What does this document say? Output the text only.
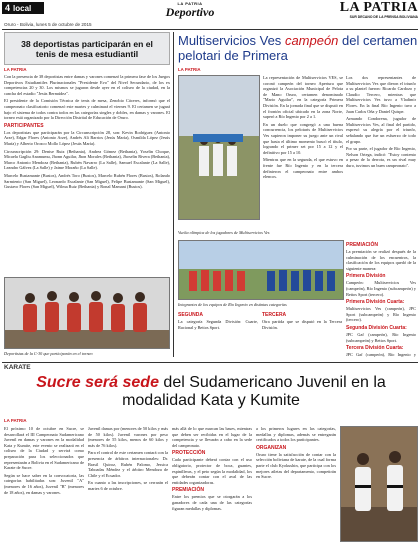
4 local	LA PATRIA
Deportivo	LA PATRIA
SUR DECANO DE LA PRENSA BOLIVIANA
Oruro - Bolivia, lunes 5 de octubre de 2015
38 deportistas participarán en el tenis de mesa estudiantil
LA PATRIA

Con la presencia de 38 deportistas entre damas y varones comenzó la primera fase de los Juegos Deportivos Estudiantiles Plurinacionales "Presidente Evo" del Nivel Secundario, de los ex competencias 20 y 30. Los mismos se jugaron desde ayer en el coliseo de la ciudad, en la cancha del estadio "Jesús Bermúdez".

El presidente de la Comisión Técnica de tenis de mesa, Zenobio Cáceres, informó que el campeonato clasificatorio comenzó este martes y culminará el viernes 9. El certamen se jugará bajo el sistema de todos contra todos en las categorías singles y dobles, en damas y varones. El torneo está organizado por la Dirección Distrital de Educación de Oruro.

PARTICIPANTES

Los deportistas que participarán por la Circunscripción 28, son: Kevin Rodríguez (Antonio Arze), Edgar Flores (Antonio Arze), Andrés Ali Barrios (Jesús María), Osmilda López (Jesús María) y Alberto Orozco Mollo López (Jesús María).

Circunscripción 29: Denise Ruiz (Bethania), Andrea Gómez (Bethania), Yoselin Choque, Micaela Gagliu Anamumu, Jhonn Aguilar, Jhon Morales (Bethania), Jhoselin Rivera (Bethania), Marco Antonio Mendoza (Bethania), Rubén Navarro (La Salle), Samuel Escalante (La Salle), Leandro Gálvez (La Salle) y Jaime Moraño (La Salle).

Marcelo Bustamante (Bustos), Andrés Toro (Bustos), Marcelo Rubén Flores (Bustos), Rolando Sarmiento (San Miguel), Leonardo Escalante (San Miguel), Felipe Bustamante (San Miguel), Gustavo Flores (San Miguel), Wilma Ruiz (Bethania) y Ronal Mamani (Bustos).

Deportistas de la C-30 que participarán en el torneo
Multiservicios Ves campeón del certamen pelotari de Primera
LA PATRIA
Vuelta olímpica de los jugadores de Multiservicios Ves

La representación de Multiservicios VES, se coronó campeón del torneo Apertura que organizó la Asociación Municipal de Pelota de Mano Oruro, certamen denominado "Mario Aguilar", en la categoría Primera División. En la jornada final que se disputó en el frontón oficial ubicado en la zona Norte, superó a Río Ingenio por 2 a 1.

En un duelo que congregó a una buena concurrencia, los pelotaris de Multiservicios Ves supieron imponer su juego ante un rival que hasta el último momento buscó el título, logrando el primer set por 15 a 12 y el definitivo por 15 a 10.

Mientras que en la segunda, el que estuvo en frente fue Río Ingenio y en la tercera definieron el campeonato entre ambos elencos.

Los dos representantes de Multiservicios Ves que dieron el triunfo a su plantel fueron: Ricardo Cardozo y Claudio Tercero, mientras que Multiservicios Ves tuvo a Vladimir Flores. En la final Río Ingenio tuvo a Juan Carlos Oña y Daniel Quispe.

Armando Condorena, jugador de Multiservicios Ves, al final del partido, expresó su alegría por el triunfo, señalando que fue un esfuerzo de todo el grupo.

Por su parte, el jugador de Río Ingenio, Nelson Ortega, indicó: "Estoy contento a pesar de la derrota, es un rival muy duro, tuvimos un buen campeonato".

Integrantes de los equipos de Río Ingenio en distintas categorías
SEGUNDA

La categoría Segunda División: Cuarte, Racional y Bettos Sport.

TERCERA

Otra partida que se disputó en la Tercera División.

PREMIACIÓN

La premiación se realizó después de la culminación de los encuentros, la clasificación de los equipos quedó de la siguiente manera:

Primera División

Campeón: Multiservicios Ves (campeón), Río Ingenio (subcampeón) y Bettos Sport (tercero).

Primera División Cuarta:

Multiservicios Ves (campeón), JPC Sport (subcampeón) y Río Ingenio (tercero).

Segunda División Cuarta:

JPC Gaf (campeón), Río Ingenio (subcampeón) y Bettos Sport.

Tercera División Cuarta:

JPC Gaf (campeón), Río Ingenio y

KARATE
Sucre será sede del Sudamericano Juvenil en la modalidad Kata y Kumite
LA PATRIA

El próximo 10 de octubre en Sucre, se desarrollará el III Campeonato Sudamericano Juvenil en damas y varones en la modalidad Kata y Kumite, este evento se realizará en el coliseo de la Ciudad y servirá como preparación para los seleccionados que representarán a Bolivia en el Sudamericano de Karate de Sucre.

Según se hace saber en la convocatoria, las categorías habilitadas son: Juvenil "A" (menores de 16 años), Juvenil "B" (menores de 18 años), en damas y varones.

Juvenil damas por (menores de 50 kilos y más de 50 kilos). Juvenil varones por peso (menores de 55 kilos, menos de 60 kilos y más de 76 kilos).

Para el control de este certamen contará con la presencia de árbitros internacionales: Dr. Brasil Quiroz, Rubén Palomo, Jessica Taboadas Méndez y el árbitro Mendoza de Chile y el Ecuador.

En cuanto a las inscripciones, se cerrarán el martes 6 de octubre.

más allá de lo que marcan las bases, mientras que deben ser recibidas en el lugar de la competencia y se llevarán a cabo en la sede del campeonato.

PROTECCIÓN

Cada participante deberá contar con el uso obligatorio, protector de boca, guantes, espinilleras, y el peto según la modalidad, los que deberán contar con el aval de las entidades organizadoras.

PREMIACIÓN

Entre los premios que se otorgarán a los ganadores de cada una de las categorías figuran medallas y diplomas.

a los primeros lugares en las categorías, medallas y diplomas, además se entregarán certificados a todos los participantes.

ORGANIZAN

Oruro tiene la satisfacción de contar con la selección boliviana de karate, de la cual forma parte el club Kyokushin, que participa con los mejores atletas del departamento, competirán en Sucre.
